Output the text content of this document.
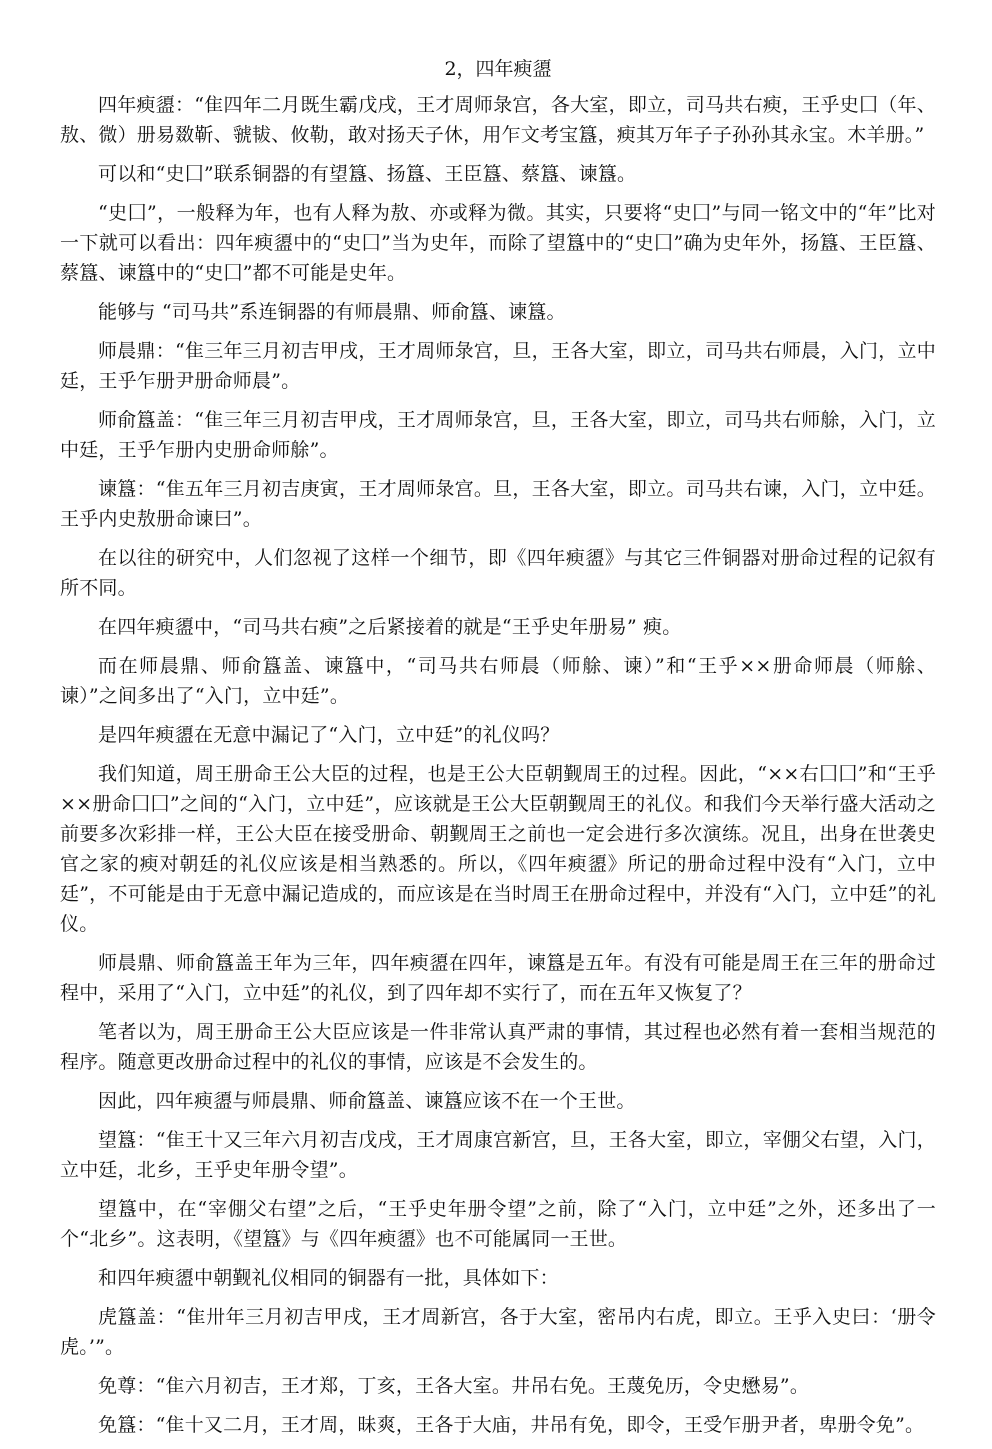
2，四年瘐盨

四年瘐盨：“隹四年二月既生霸戊戌，王才周师彔宫，各大室，即立，司马共右瘐，王乎史囗（年、敖、微）册易敪靳、虢韨、攸勒，敢对扬天子休，用乍文考宝簋，瘐其万年子子孙孙其永宝。木羊册。”

可以和“史囗”联系铜器的有望簋、扬簋、王臣簋、蔡簋、谏簋。

“史囗”，一般释为年，也有人释为敖、亦或释为微。其实，只要将“史囗”与同一铭文中的“年”比对一下就可以看出：四年瘐盨中的“史囗”当为史年，而除了望簋中的“史囗”确为史年外，扬簋、王臣簋、蔡簋、谏簋中的“史囗”都不可能是史年。

能够与 “司马共”系连铜器的有师晨鼎、师俞簋、谏簋。

师晨鼎：“隹三年三月初吉甲戌，王才周师彔宫，旦，王各大室，即立，司马共右师晨，入门，立中廷，王乎乍册尹册命师晨”。

师俞簋盖：“隹三年三月初吉甲戌，王才周师彔宫，旦，王各大室，即立，司马共右师艅，入门，立中廷，王乎乍册内史册命师艅”。

谏簋：“隹五年三月初吉庚寅，王才周师彔宫。旦，王各大室，即立。司马共右谏，入门，立中廷。王乎内史敖册命谏曰”。

在以往的研究中，人们忽视了这样一个细节，即《四年瘐盨》与其它三件铜器对册命过程的记叙有所不同。

在四年瘐盨中，“司马共右瘐”之后紧接着的就是“王乎史年册易” 瘐。

而在师晨鼎、师俞簋盖、谏簋中，“司马共右师晨（师艅、谏）”和“王乎××册命师晨（师艅、谏）”之间多出了“入门，立中廷”。

是四年瘐盨在无意中漏记了“入门，立中廷”的礼仪吗？

我们知道，周王册命王公大臣的过程，也是王公大臣朝觐周王的过程。因此，“××右囗囗”和“王乎××册命囗囗”之间的“入门，立中廷”，应该就是王公大臣朝觐周王的礼仪。和我们今天举行盛大活动之前要多次彩排一样，王公大臣在接受册命、朝觐周王之前也一定会进行多次演练。况且，出身在世袭史官之家的瘐对朝廷的礼仪应该是相当熟悉的。所以，《四年瘐盨》所记的册命过程中没有“入门，立中廷”，不可能是由于无意中漏记造成的，而应该是在当时周王在册命过程中，并没有“入门，立中廷”的礼仪。

师晨鼎、师俞簋盖王年为三年，四年瘐盨在四年，谏簋是五年。有没有可能是周王在三年的册命过程中，采用了“入门，立中廷”的礼仪，到了四年却不实行了，而在五年又恢复了？

笔者以为，周王册命王公大臣应该是一件非常认真严肃的事情，其过程也必然有着一套相当规范的程序。随意更改册命过程中的礼仪的事情，应该是不会发生的。

因此，四年瘐盨与师晨鼎、师俞簋盖、谏簋应该不在一个王世。

望簋：“隹王十又三年六月初吉戊戌，王才周康宫新宫，旦，王各大室，即立，宰倗父右望，入门，立中廷，北乡，王乎史年册令望”。

望簋中，在“宰倗父右望”之后，“王乎史年册令望”之前，除了“入门，立中廷”之外，还多出了一个“北乡”。这表明，《望簋》与《四年瘐盨》也不可能属同一王世。

和四年瘐盨中朝觐礼仪相同的铜器有一批，具体如下：

虎簋盖：“隹卅年三月初吉甲戌，王才周新宫，各于大室，密吊内右虎，即立。王乎入史曰：‘册令虎。’”。

免尊：“隹六月初吉，王才郑，丁亥，王各大室。井吊右免。王蔑免历，令史懋易”。

免簋：“隹十又二月，王才周，昧爽，王各于大庙，井吊有免，即令，王受乍册尹者，卑册令免”。
